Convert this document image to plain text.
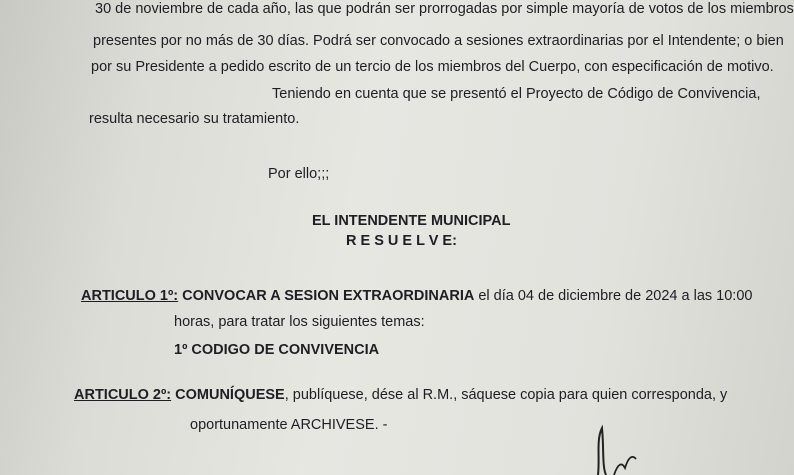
30 de noviembre de cada año, las que podrán ser prorrogadas por simple mayoría de votos de los miembros
presentes por no más de 30 días. Podrá ser convocado a sesiones extraordinarias por el Intendente; o bien
por su Presidente a pedido escrito de un tercio de los miembros del Cuerpo, con especificación de motivo.
Teniendo en cuenta que se presentó el Proyecto de Código de Convivencia,
resulta necesario su tratamiento.
Por ello;;;
EL INTENDENTE MUNICIPAL
R E S U E L V E:
ARTICULO 1º: CONVOCAR A SESION EXTRAORDINARIA el día 04 de diciembre de 2024 a las 10:00
horas, para tratar los siguientes temas:
1º CODIGO DE CONVIVENCIA
ARTICULO 2º: COMUNÍQUESE, publíquese, dése al R.M., sáquese copia para quien corresponda, y
oportunamente ARCHIVESE. -
